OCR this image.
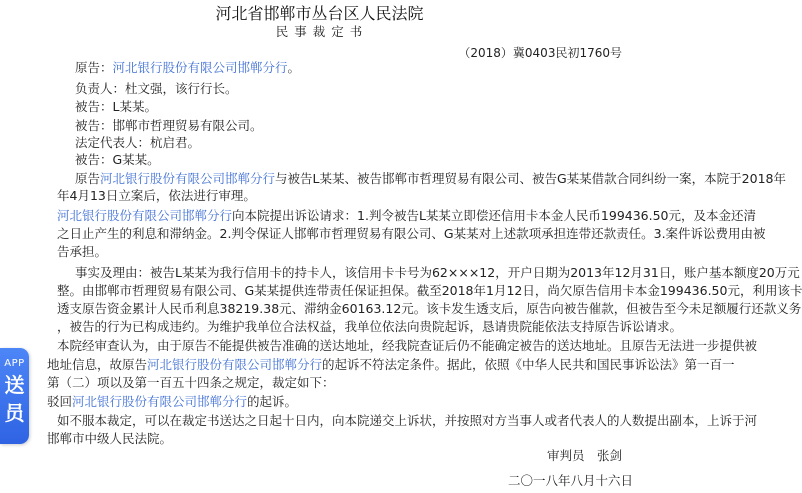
河北省邯郸市丛台区人民法院
民 事 裁 定 书
（2018）冀0403民初1760号
原告：河北银行股份有限公司邯郸分行。
负责人：杜文强，该行行长。
被告：L某某。
被告：邯郸市哲理贸易有限公司。
法定代表人：杭启君。
被告：G某某。
原告河北银行股份有限公司邯郸分行与被告L某某、被告邯郸市哲理贸易有限公司、被告G某某借款合同纠纷一案，本院于2018年
年4月13日立案后，依法进行审理。
河北银行股份有限公司邯郸分行向本院提出诉讼请求：1.判令被告L某某立即偿还信用卡本金人民币199436.50元，及本金还清
之日止产生的利息和滞纳金。2.判令保证人邯郸市哲理贸易有限公司、G某某对上述款项承担连带还款责任。3.案件诉讼费用由被
告承担。
事实及理由：被告L某某为我行信用卡的持卡人，该信用卡卡号为62×××12，开户日期为2013年12月31日，账户基本额度20万元
整。由邯郸市哲理贸易有限公司、G某某提供连带责任保证担保。截至2018年1月12日，尚欠原告信用卡本金199436.50元，利用该卡
透支原告资金累计人民币利息38219.38元、滞纳金60163.12元。该卡发生透支后，原告向被告催款，但被告至今未足额履行还款义务
，被告的行为已构成违约。为维护我单位合法权益，我单位依法向贵院起诉，恳请贵院能依法支持原告诉讼请求。
本院经审查认为，由于原告不能提供被告准确的送达地址，经我院查证后仍不能确定被告的送达地址。且原告无法进一步提供被
地址信息，故原告河北银行股份有限公司邯郸分行的起诉不符法定条件。据此，依照《中华人民共和国民事诉讼法》第一百一
第（二）项以及第一百五十四条之规定，裁定如下：
驳回河北银行股份有限公司邯郸分行的起诉。
如不服本裁定，可以在裁定书送达之日起十日内，向本院递交上诉状，并按照对方当事人或者代表人的人数提出副本，上诉于河
邯郸市中级人民法院。
审判员 张剑
二〇一八年八月十六日
APP
送
员
